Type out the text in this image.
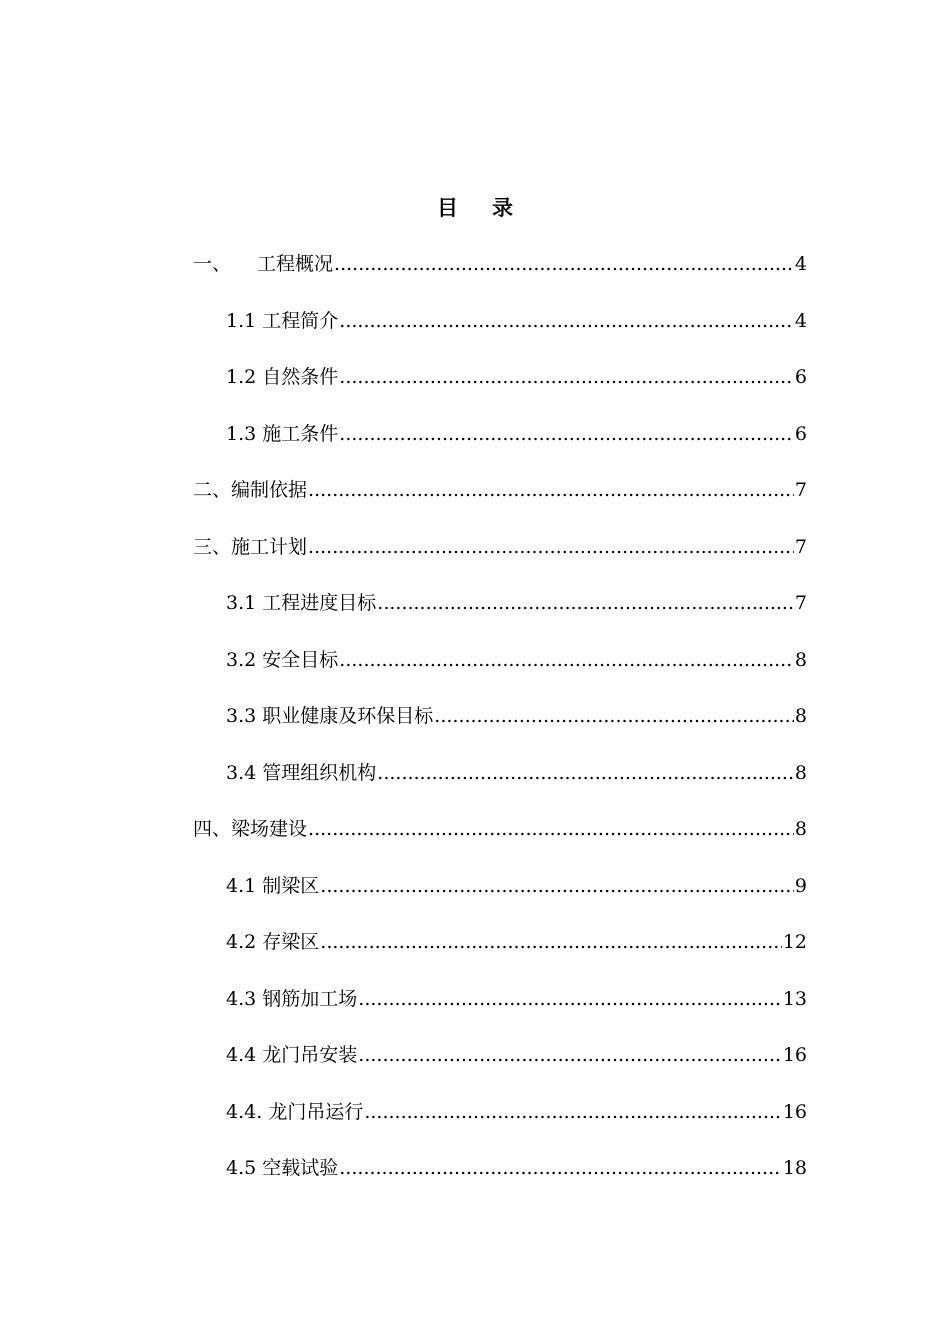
目 录
一、 工程概况 .....	4
1.1 工程简介 .....	4
1.2 自然条件 .....	6
1.3 施工条件 .....	6
二、编制依据 .....	7
三、施工计划 .....	7
3.1 工程进度目标 .....	7
3.2 安全目标 .....	8
3.3 职业健康及环保目标 .....	8
3.4 管理组织机构 .....	8
四、梁场建设 .....	8
4.1 制梁区 .....	9
4.2 存梁区 .....	12
4.3 钢筋加工场 .....	13
4.4 龙门吊安装 .....	16
4.4. 龙门吊运行 .....	16
4.5 空载试验 .....	18
